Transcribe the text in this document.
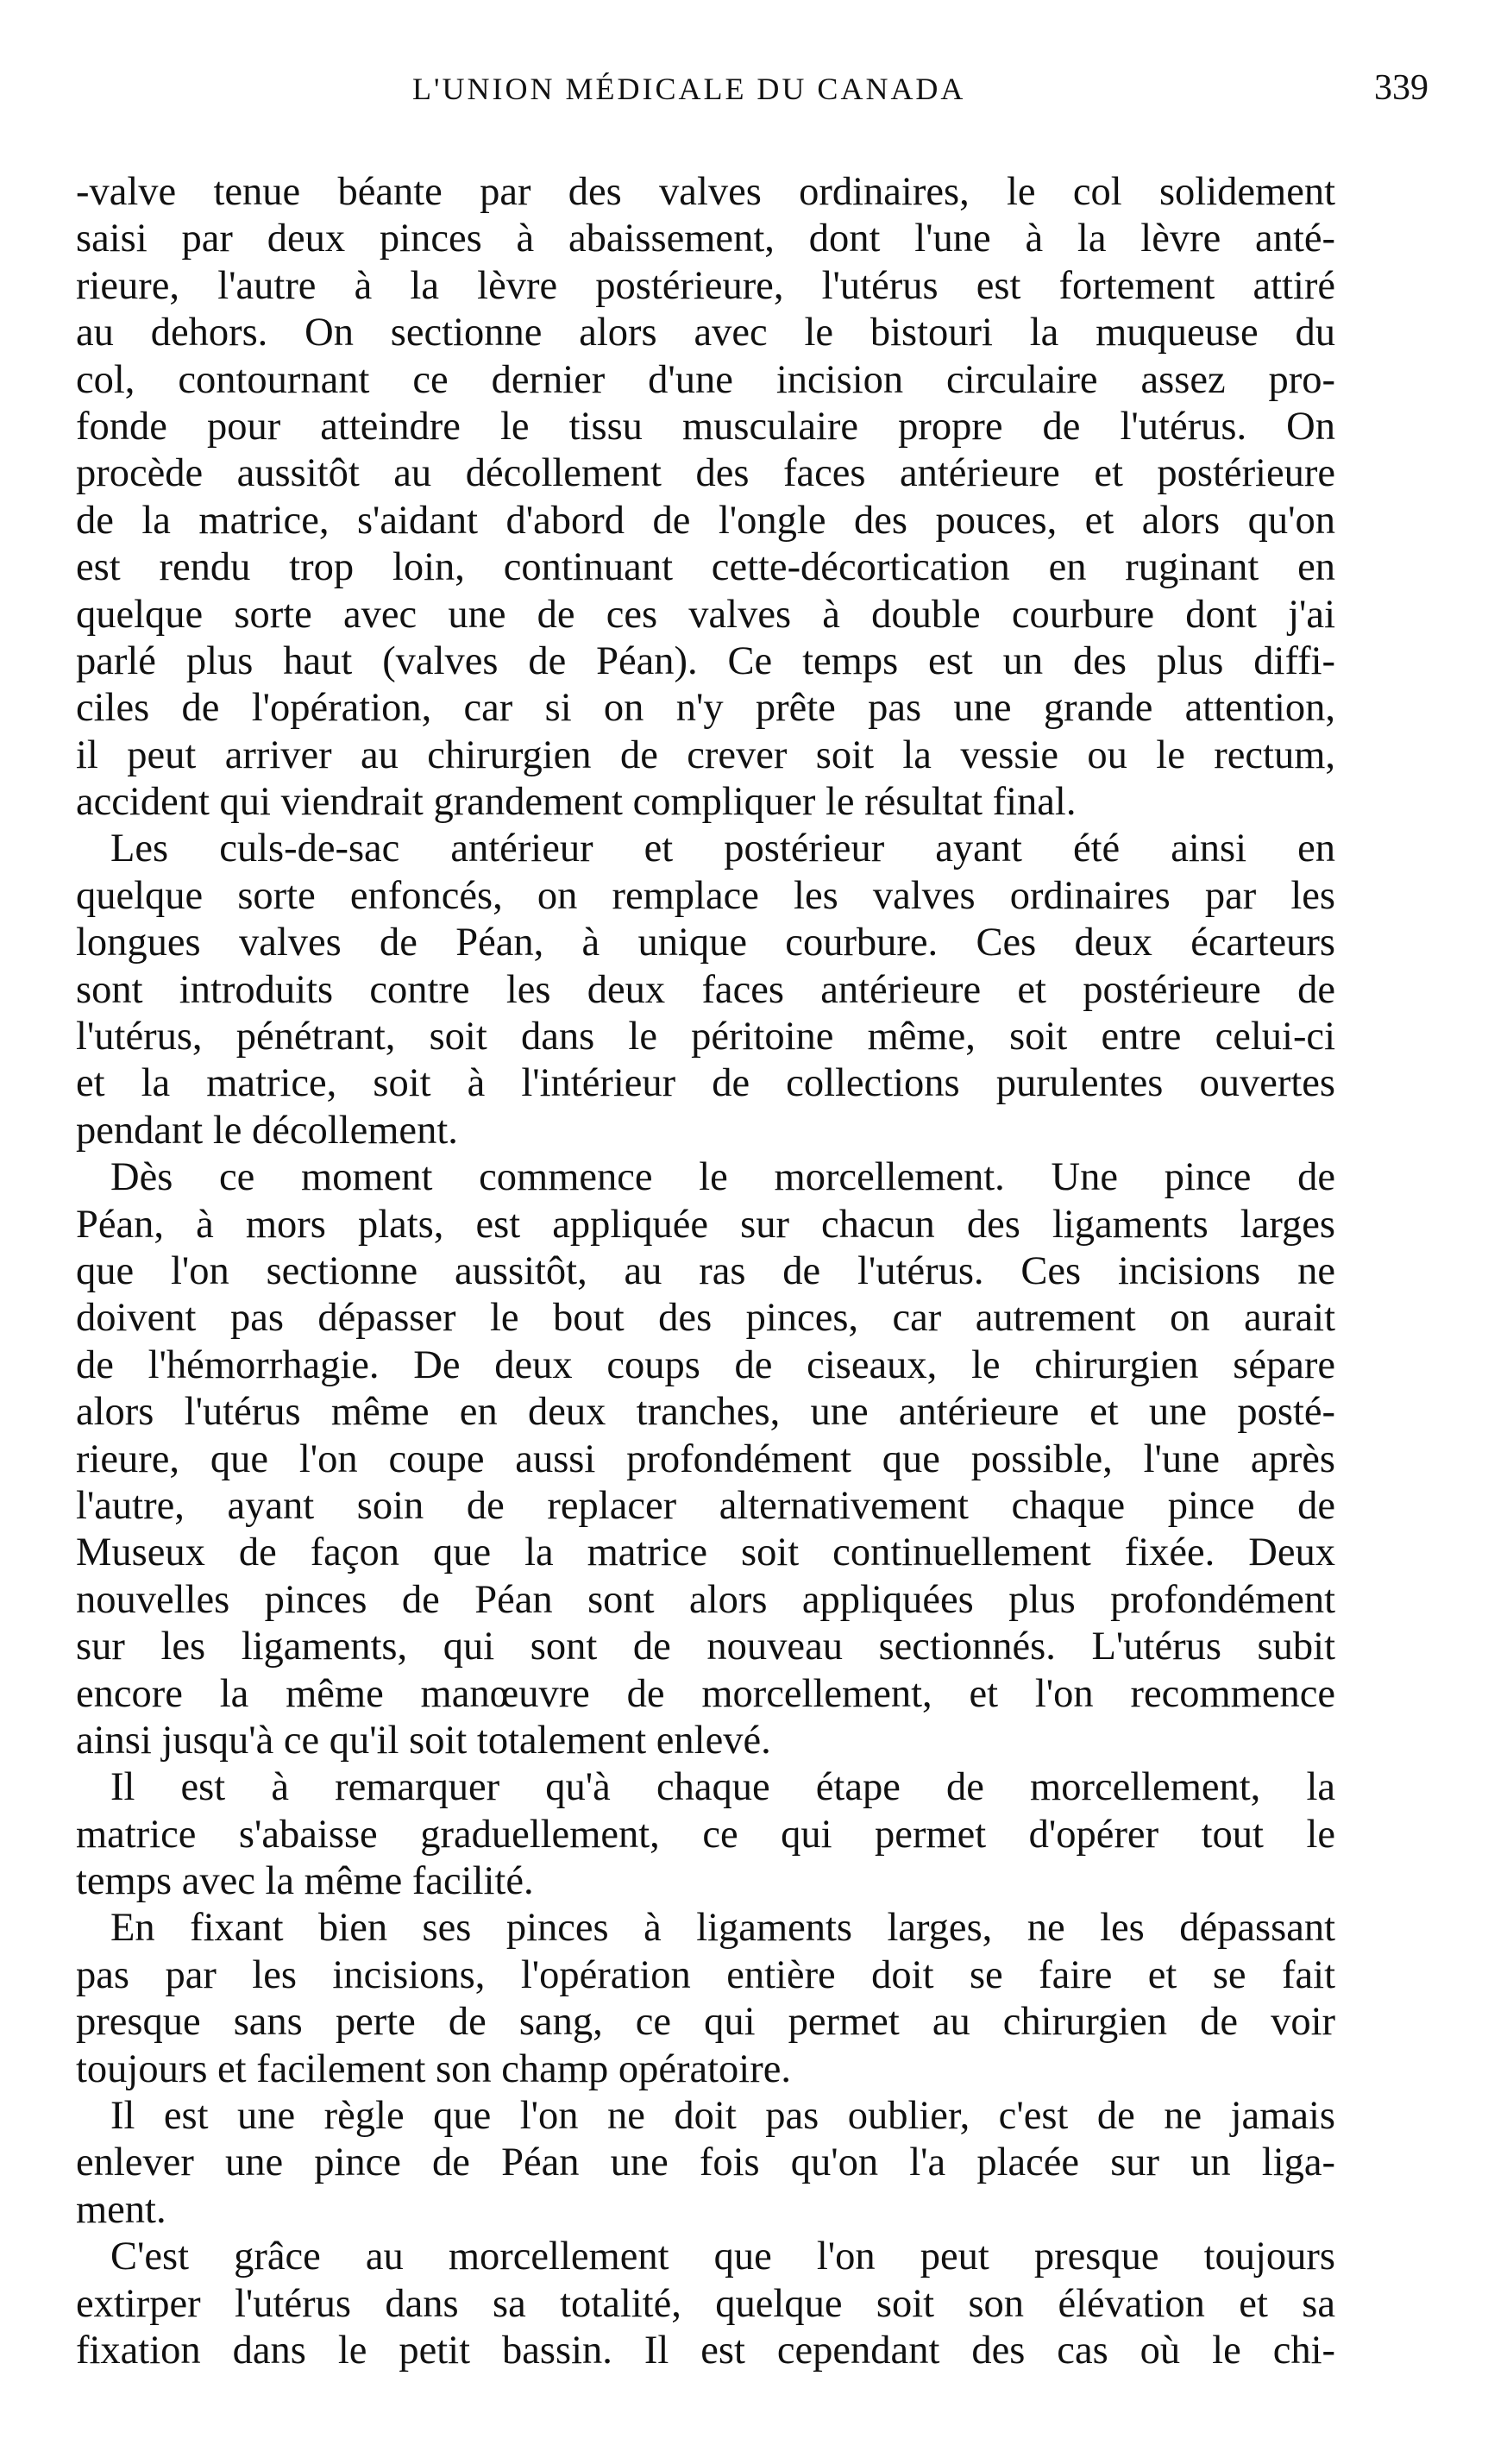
L'UNION MÉDICALE DU CANADA	339
-valve tenue béante par des valves ordinaires, le col solidement
saisi par deux pinces à abaissement, dont l'une à la lèvre anté-
rieure, l'autre à la lèvre postérieure, l'utérus est fortement attiré
au dehors. On sectionne alors avec le bistouri la muqueuse du
col, contournant ce dernier d'une incision circulaire assez pro-
fonde pour atteindre le tissu musculaire propre de l'utérus. On
procède aussitôt au décollement des faces antérieure et postérieure
de la matrice, s'aidant d'abord de l'ongle des pouces, et alors qu'on
est rendu trop loin, continuant cette-décortication en ruginant en
quelque sorte avec une de ces valves à double courbure dont j'ai
parlé plus haut (valves de Péan). Ce temps est un des plus diffi-
ciles de l'opération, car si on n'y prête pas une grande attention,
il peut arriver au chirurgien de crever soit la vessie ou le rectum,
accident qui viendrait grandement compliquer le résultat final.
Les culs-de-sac antérieur et postérieur ayant été ainsi en
quelque sorte enfoncés, on remplace les valves ordinaires par les
longues valves de Péan, à unique courbure. Ces deux écarteurs
sont introduits contre les deux faces antérieure et postérieure de
l'utérus, pénétrant, soit dans le péritoine même, soit entre celui-ci
et la matrice, soit à l'intérieur de collections purulentes ouvertes
pendant le décollement.
Dès ce moment commence le morcellement. Une pince de
Péan, à mors plats, est appliquée sur chacun des ligaments larges
que l'on sectionne aussitôt, au ras de l'utérus. Ces incisions ne
doivent pas dépasser le bout des pinces, car autrement on aurait
de l'hémorrhagie. De deux coups de ciseaux, le chirurgien sépare
alors l'utérus même en deux tranches, une antérieure et une posté-
rieure, que l'on coupe aussi profondément que possible, l'une après
l'autre, ayant soin de replacer alternativement chaque pince de
Museux de façon que la matrice soit continuellement fixée. Deux
nouvelles pinces de Péan sont alors appliquées plus profondément
sur les ligaments, qui sont de nouveau sectionnés. L'utérus subit
encore la même manœuvre de morcellement, et l'on recommence
ainsi jusqu'à ce qu'il soit totalement enlevé.
Il est à remarquer qu'à chaque étape de morcellement, la
matrice s'abaisse graduellement, ce qui permet d'opérer tout le
temps avec la même facilité.
En fixant bien ses pinces à ligaments larges, ne les dépassant
pas par les incisions, l'opération entière doit se faire et se fait
presque sans perte de sang, ce qui permet au chirurgien de voir
toujours et facilement son champ opératoire.
Il est une règle que l'on ne doit pas oublier, c'est de ne jamais
enlever une pince de Péan une fois qu'on l'a placée sur un liga-
ment.
C'est grâce au morcellement que l'on peut presque toujours
extirper l'utérus dans sa totalité, quelque soit son élévation et sa
fixation dans le petit bassin. Il est cependant des cas où le chi-
